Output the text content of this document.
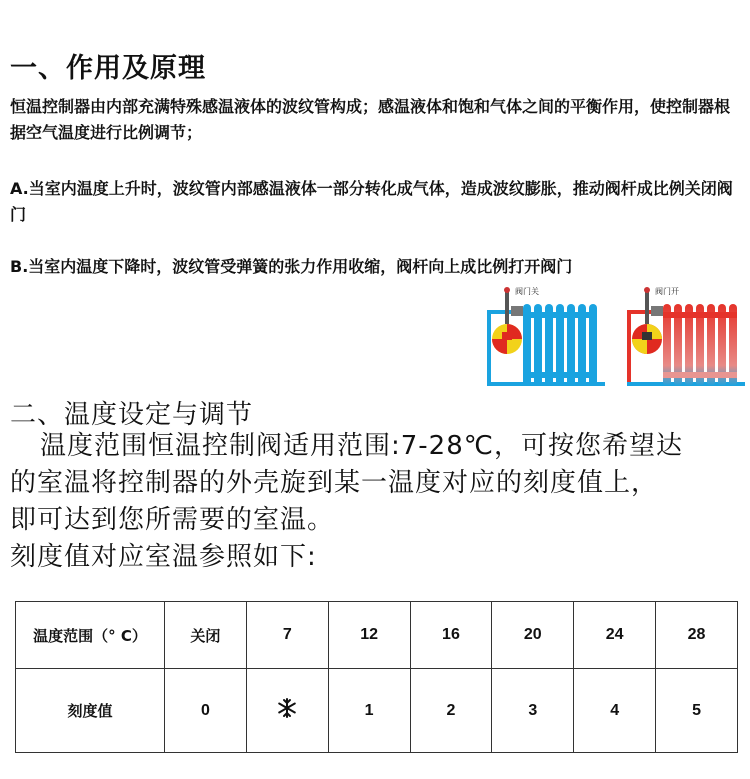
一、作用及原理
恒温控制器由内部充满特殊感温液体的波纹管构成；感温液体和饱和气体之间的平衡作用，使控制器根据空气温度进行比例调节；
A.当室内温度上升时，波纹管内部感温液体一部分转化成气体，造成波纹膨胀，推动阀杆成比例关闭阀门
B.当室内温度下降时，波纹管受弹簧的张力作用收缩，阀杆向上成比例打开阀门
阀门关	阀门开
二、温度设定与调节
温度范围恒温控制阀适用范围:7-28℃，可按您希望达
的室温将控制器的外壳旋到某一温度对应的刻度值上，
即可达到您所需要的室温。
刻度值对应室温参照如下:
温度范围（° C）	关闭	7	12	16	20	24	28
刻度值	0		1	2	3	4	5
